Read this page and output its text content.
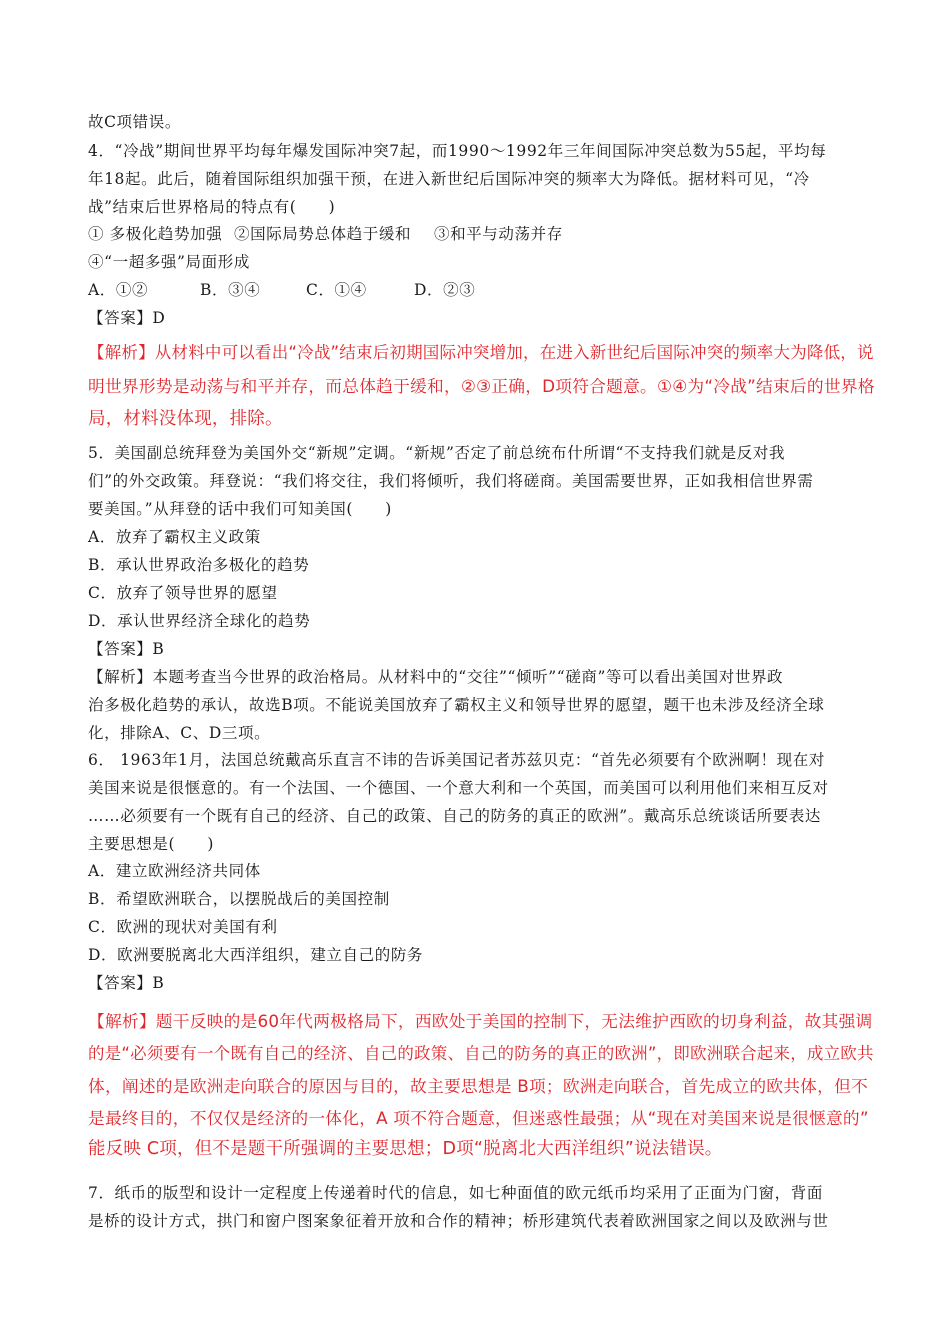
故C项错误。
4．“冷战”期间世界平均每年爆发国际冲突7起，而1990～1992年三年间国际冲突总数为55起，平均每
年18起。此后，随着国际组织加强干预，在进入新世纪后国际冲突的频率大为降低。据材料可见，“冷
战”结束后世界格局的特点有(　　)
① 多极化趋势加强 ②国际局势总体趋于缓和 ③和平与动荡并存
④“一超多强”局面形成
A．①②	B．③④	C．①④	D．②③
【答案】D
【解析】从材料中可以看出“冷战”结束后初期国际冲突增加，在进入新世纪后国际冲突的频率大为降低，说
明世界形势是动荡与和平并存，而总体趋于缓和，②③正确，D项符合题意。①④为“冷战”结束后的世界格
局，材料没体现，排除。
5．美国副总统拜登为美国外交“新规”定调。“新规”否定了前总统布什所谓“不支持我们就是反对我
们”的外交政策。拜登说：“我们将交往，我们将倾听，我们将磋商。美国需要世界，正如我相信世界需
要美国。”从拜登的话中我们可知美国(　　)
A．放弃了霸权主义政策
B．承认世界政治多极化的趋势
C．放弃了领导世界的愿望
D．承认世界经济全球化的趋势
【答案】B
【解析】本题考查当今世界的政治格局。从材料中的“交往”“倾听”“磋商”等可以看出美国对世界政
治多极化趋势的承认，故选B项。不能说美国放弃了霸权主义和领导世界的愿望，题干也未涉及经济全球
化，排除A、C、D三项。
6． 1963年1月，法国总统戴高乐直言不讳的告诉美国记者苏兹贝克：“首先必须要有个欧洲啊！现在对
美国来说是很惬意的。有一个法国、一个德国、一个意大利和一个英国，而美国可以利用他们来相互反对
……必须要有一个既有自己的经济、自己的政策、自己的防务的真正的欧洲”。戴高乐总统谈话所要表达
主要思想是(　　)
A．建立欧洲经济共同体
B．希望欧洲联合，以摆脱战后的美国控制
C．欧洲的现状对美国有利
D．欧洲要脱离北大西洋组织，建立自己的防务
【答案】B
【解析】题干反映的是60年代两极格局下，西欧处于美国的控制下，无法维护西欧的切身利益，故其强调
的是“必须要有一个既有自己的经济、自己的政策、自己的防务的真正的欧洲”，即欧洲联合起来，成立欧共
体，阐述的是欧洲走向联合的原因与目的，故主要思想是 B项；欧洲走向联合，首先成立的欧共体，但不
是最终目的，不仅仅是经济的一体化，A 项不符合题意，但迷惑性最强；从“现在对美国来说是很惬意的”
能反映 C项，但不是题干所强调的主要思想；D项“脱离北大西洋组织”说法错误。
7．纸币的版型和设计一定程度上传递着时代的信息，如七种面值的欧元纸币均采用了正面为门窗，背面
是桥的设计方式，拱门和窗户图案象征着开放和合作的精神；桥形建筑代表着欧洲国家之间以及欧洲与世
